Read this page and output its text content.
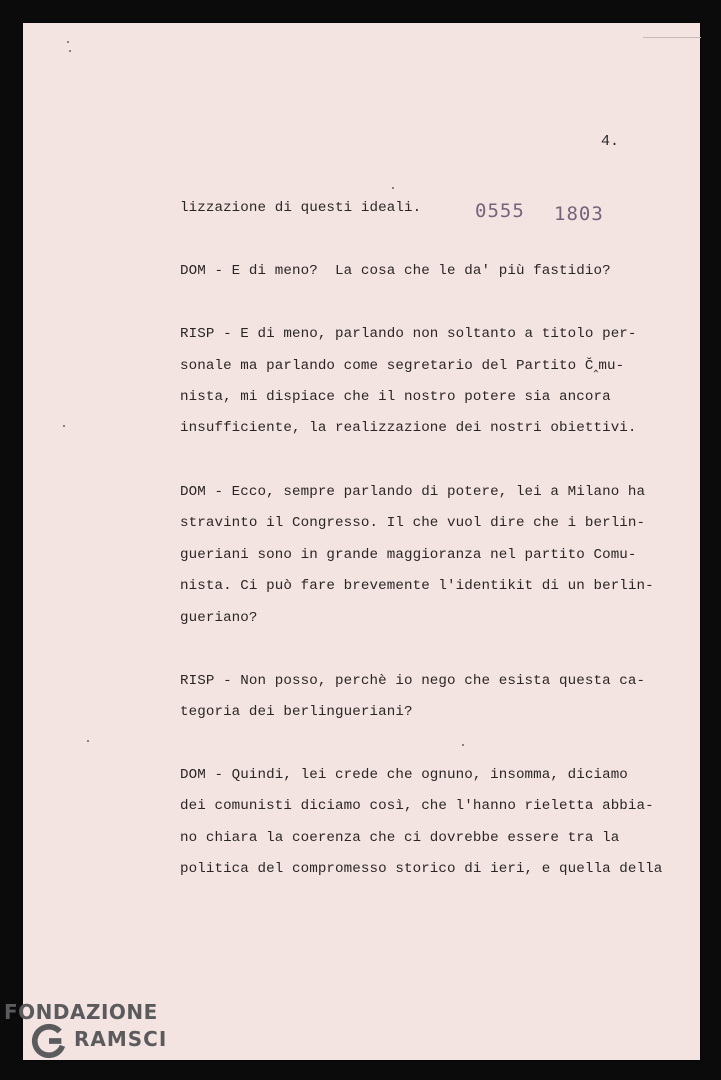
4.
0555 1803
lizzazione di questi ideali.
DOM - E di meno?  La cosa che le da' più fastidio?
RISP - E di meno, parlando non soltanto a titolo per-
sonale ma parlando come segretario del Partito C̆‸mu-
nista, mi dispiace che il nostro potere sia ancora
insufficiente, la realizzazione dei nostri obiettivi.
DOM - Ecco, sempre parlando di potere, lei a Milano ha
stravinto il Congresso. Il che vuol dire che i berlin-
gueriani sono in grande maggioranza nel partito Comu-
nista. Ci può fare brevemente l'identikit di un berlin-
gueriano?
RISP - Non posso, perchè io nego che esista questa ca-
tegoria dei berlingueriani?
DOM - Quindi, lei crede che ognuno, insomma, diciamo
dei comunisti diciamo così, che l'hanno rieletta abbia-
no chiara la coerenza che ci dovrebbe essere tra la
politica del compromesso storico di ieri, e quella della
FONDAZIONE
RAMSCI
